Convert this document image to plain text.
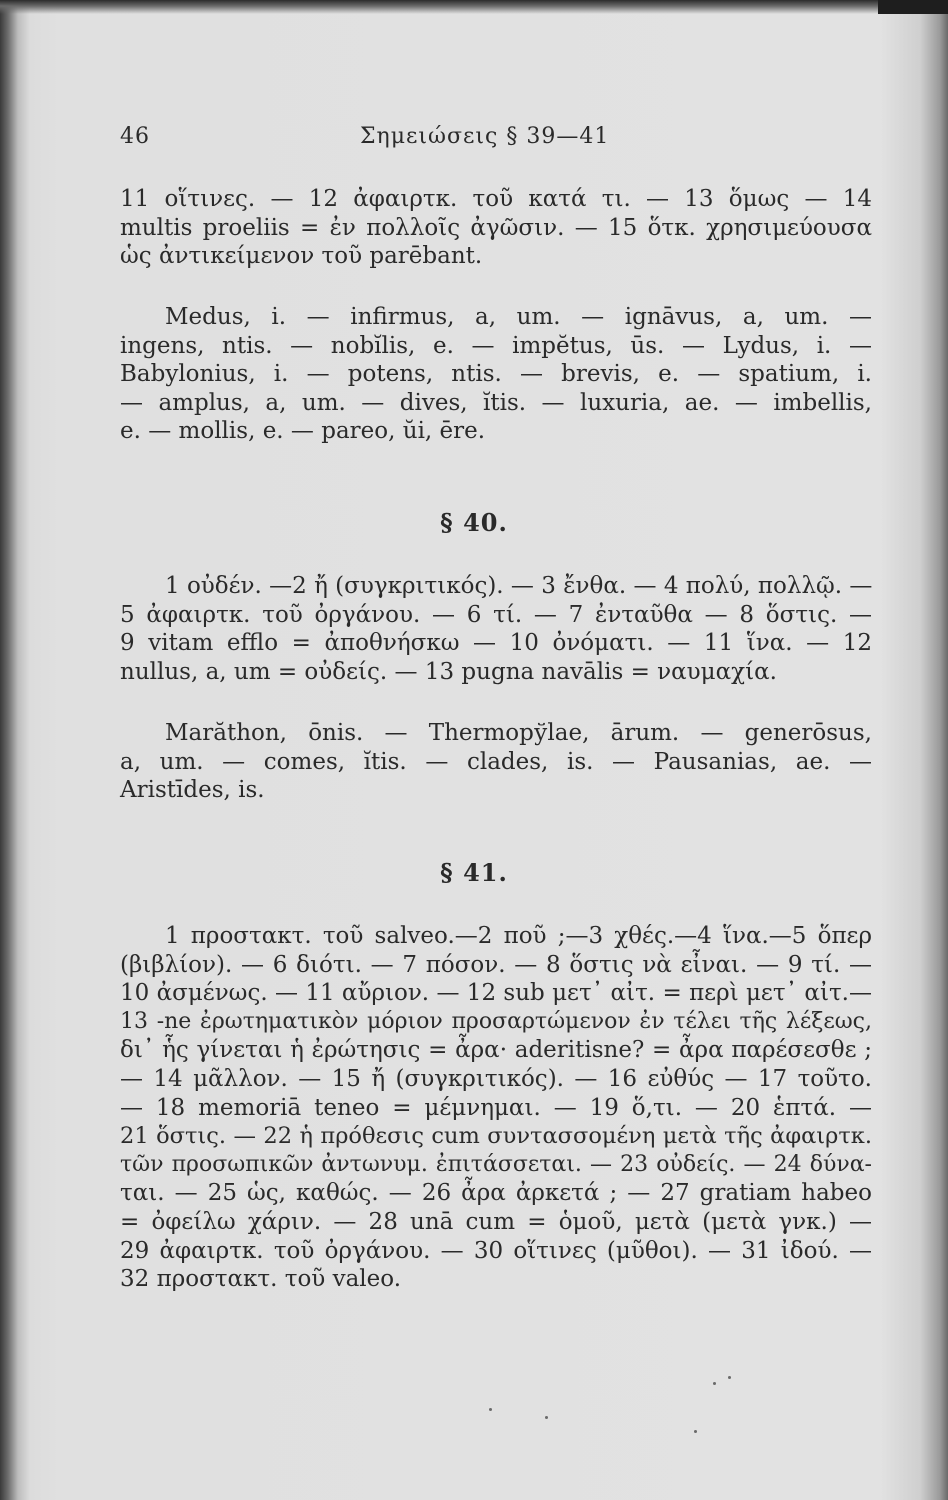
46	Σημειώσεις § 39—41
11 οἵτινες. — 12 ἀφαιρτκ. τοῦ κατά τι. — 13 ὅμως — 14
multis proeliis = ἐν πολλοῖς ἀγῶσιν. — 15 ὅτκ. χρησιμεύουσα
ὡς ἀντικείμενον τοῦ parēbant.
Medus, i. — infirmus, a, um. — ignāvus, a, um. —
ingens, ntis. — nobĭlis, e. — impĕtus, ūs. — Lydus, i. —
Babylonius, i. — potens, ntis. — brevis, e. — spatium, i.
— amplus, a, um. — dives, ĭtis. — luxuria, ae. — imbellis,
e. — mollis, e. — pareo, ŭi, ēre.
§ 40.
1 οὐδέν. —2 ἤ (συγκριτικός). — 3 ἔνθα. — 4 πολύ, πολλῷ. —
5 ἀφαιρτκ. τοῦ ὀργάνου. — 6 τί. — 7 ἐνταῦθα — 8 ὅστις. —
9 vitam efflo = ἀποθνήσκω — 10 ὀνόματι. — 11 ἵνα. — 12
nullus, a, um = οὐδείς. — 13 pugna navālis = ναυμαχία.
Marăthon, ōnis. — Thermopўlae, ārum. — generōsus,
a, um. — comes, ĭtis. — clades, is. — Pausanias, ae. —
Aristīdes, is.
§ 41.
1 προστακτ. τοῦ salveo.—2 ποῦ ;—3 χθές.—4 ἵνα.—5 ὅπερ
(βιβλίον). — 6 διότι. — 7 πόσον. — 8 ὅστις νὰ εἶναι. — 9 τί. —
10 ἀσμένως. — 11 αὔριον. — 12 sub μετ᾽ αἰτ. = περὶ μετ᾽ αἰτ.—
13 -ne ἐρωτηματικὸν μόριον προσαρτώμενον ἐν τέλει τῆς λέξεως,
δι᾽ ἧς γίνεται ἡ ἐρώτησις = ἆρα· aderitisne? = ἆρα παρέσεσθε ;
— 14 μᾶλλον. — 15 ἤ (συγκριτικός). — 16 εὐθύς — 17 τοῦτο.
— 18 memoriā teneo = μέμνημαι. — 19 ὅ,τι. — 20 ἑπτά. —
21 ὅστις. — 22 ἡ πρόθεσις cum συντασσομένη μετὰ τῆς ἀφαιρτκ.
τῶν προσωπικῶν ἀντωνυμ. ἐπιτάσσεται. — 23 οὐδείς. — 24 δύνα-
ται. — 25 ὡς, καθώς. — 26 ἆρα ἀρκετά ; — 27 gratiam habeo
= ὀφείλω χάριν. — 28 unā cum = ὁμοῦ, μετὰ (μετὰ γνκ.) —
29 ἀφαιρτκ. τοῦ ὀργάνου. — 30 οἵτινες (μῦθοι). — 31 ἰδού. —
32 προστακτ. τοῦ valeo.
